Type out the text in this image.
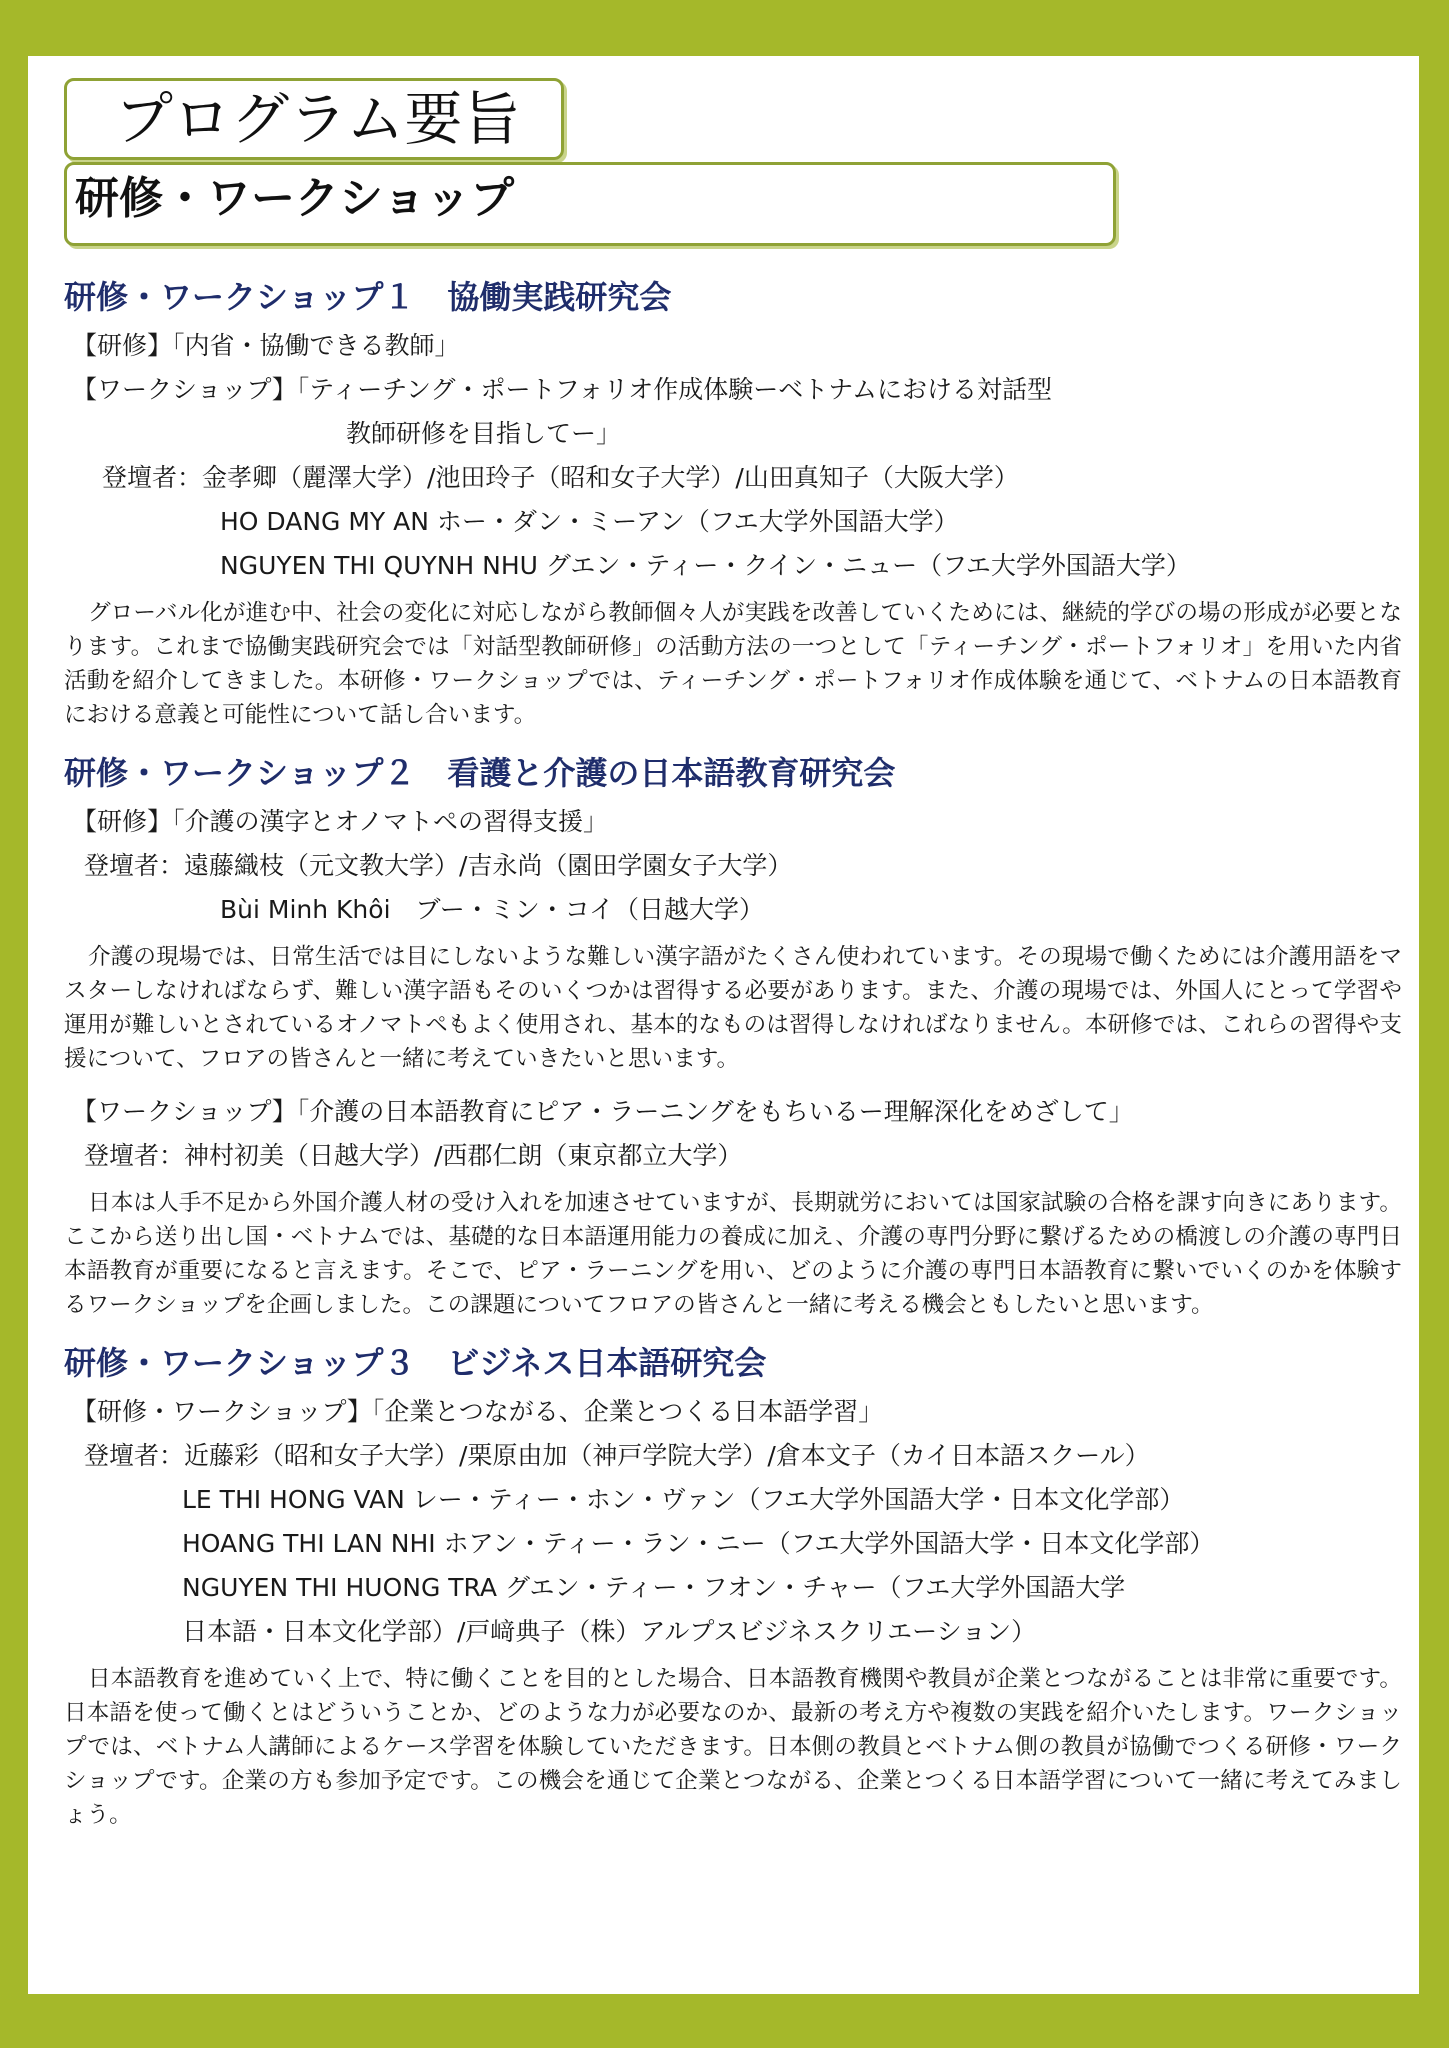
プログラム要旨
研修・ワークショップ
研修・ワークショップ１　協働実践研究会

【研修】「内省・協働できる教師」

【ワークショップ】「ティーチング・ポートフォリオ作成体験ーベトナムにおける対話型

教師研修を目指してー」

登壇者：金孝卿（麗澤大学）/池田玲子（昭和女子大学）/山田真知子（大阪大学）

HO DANG MY AN ホー・ダン・ミーアン（フエ大学外国語大学）

NGUYEN THI QUYNH NHU グエン・ティー・クイン・ニュー（フエ大学外国語大学）

グローバル化が進む中、社会の変化に対応しながら教師個々人が実践を改善していくためには、継続的学びの場の形成が必要となります。これまで協働実践研究会では「対話型教師研修」の活動方法の一つとして「ティーチング・ポートフォリオ」を用いた内省活動を紹介してきました。本研修・ワークショップでは、ティーチング・ポートフォリオ作成体験を通じて、ベトナムの日本語教育における意義と可能性について話し合います。

研修・ワークショップ２　看護と介護の日本語教育研究会

【研修】「介護の漢字とオノマトペの習得支援」

登壇者：遠藤織枝（元文教大学）/吉永尚（園田学園女子大学）

Bùi Minh Khôi　ブー・ミン・コイ（日越大学）

介護の現場では、日常生活では目にしないような難しい漢字語がたくさん使われています。その現場で働くためには介護用語をマスターしなければならず、難しい漢字語もそのいくつかは習得する必要があります。また、介護の現場では、外国人にとって学習や運用が難しいとされているオノマトペもよく使用され、基本的なものは習得しなければなりません。本研修では、これらの習得や支援について、フロアの皆さんと一緒に考えていきたいと思います。

【ワークショップ】「介護の日本語教育にピア・ラーニングをもちいるー理解深化をめざして」

登壇者：神村初美（日越大学）/西郡仁朗（東京都立大学）

日本は人手不足から外国介護人材の受け入れを加速させていますが、長期就労においては国家試験の合格を課す向きにあります。ここから送り出し国・ベトナムでは、基礎的な日本語運用能力の養成に加え、介護の専門分野に繋げるための橋渡しの介護の専門日本語教育が重要になると言えます。そこで、ピア・ラーニングを用い、どのように介護の専門日本語教育に繋いでいくのかを体験するワークショップを企画しました。この課題についてフロアの皆さんと一緒に考える機会ともしたいと思います。

研修・ワークショップ３　ビジネス日本語研究会

【研修・ワークショップ】「企業とつながる、企業とつくる日本語学習」

登壇者：近藤彩（昭和女子大学）/栗原由加（神戸学院大学）/倉本文子（カイ日本語スクール）

LE THI HONG VAN レー・ティー・ホン・ヴァン（フエ大学外国語大学・日本文化学部）

HOANG THI LAN NHI ホアン・ティー・ラン・ニー（フエ大学外国語大学・日本文化学部）

NGUYEN THI HUONG TRA グエン・ティー・フオン・チャー（フエ大学外国語大学

日本語・日本文化学部）/戸﨑典子（株）アルプスビジネスクリエーション）

日本語教育を進めていく上で、特に働くことを目的とした場合、日本語教育機関や教員が企業とつながることは非常に重要です。日本語を使って働くとはどういうことか、どのような力が必要なのか、最新の考え方や複数の実践を紹介いたします。ワークショップでは、ベトナム人講師によるケース学習を体験していただきます。日本側の教員とベトナム側の教員が協働でつくる研修・ワークショップです。企業の方も参加予定です。この機会を通じて企業とつながる、企業とつくる日本語学習について一緒に考えてみましょう。
